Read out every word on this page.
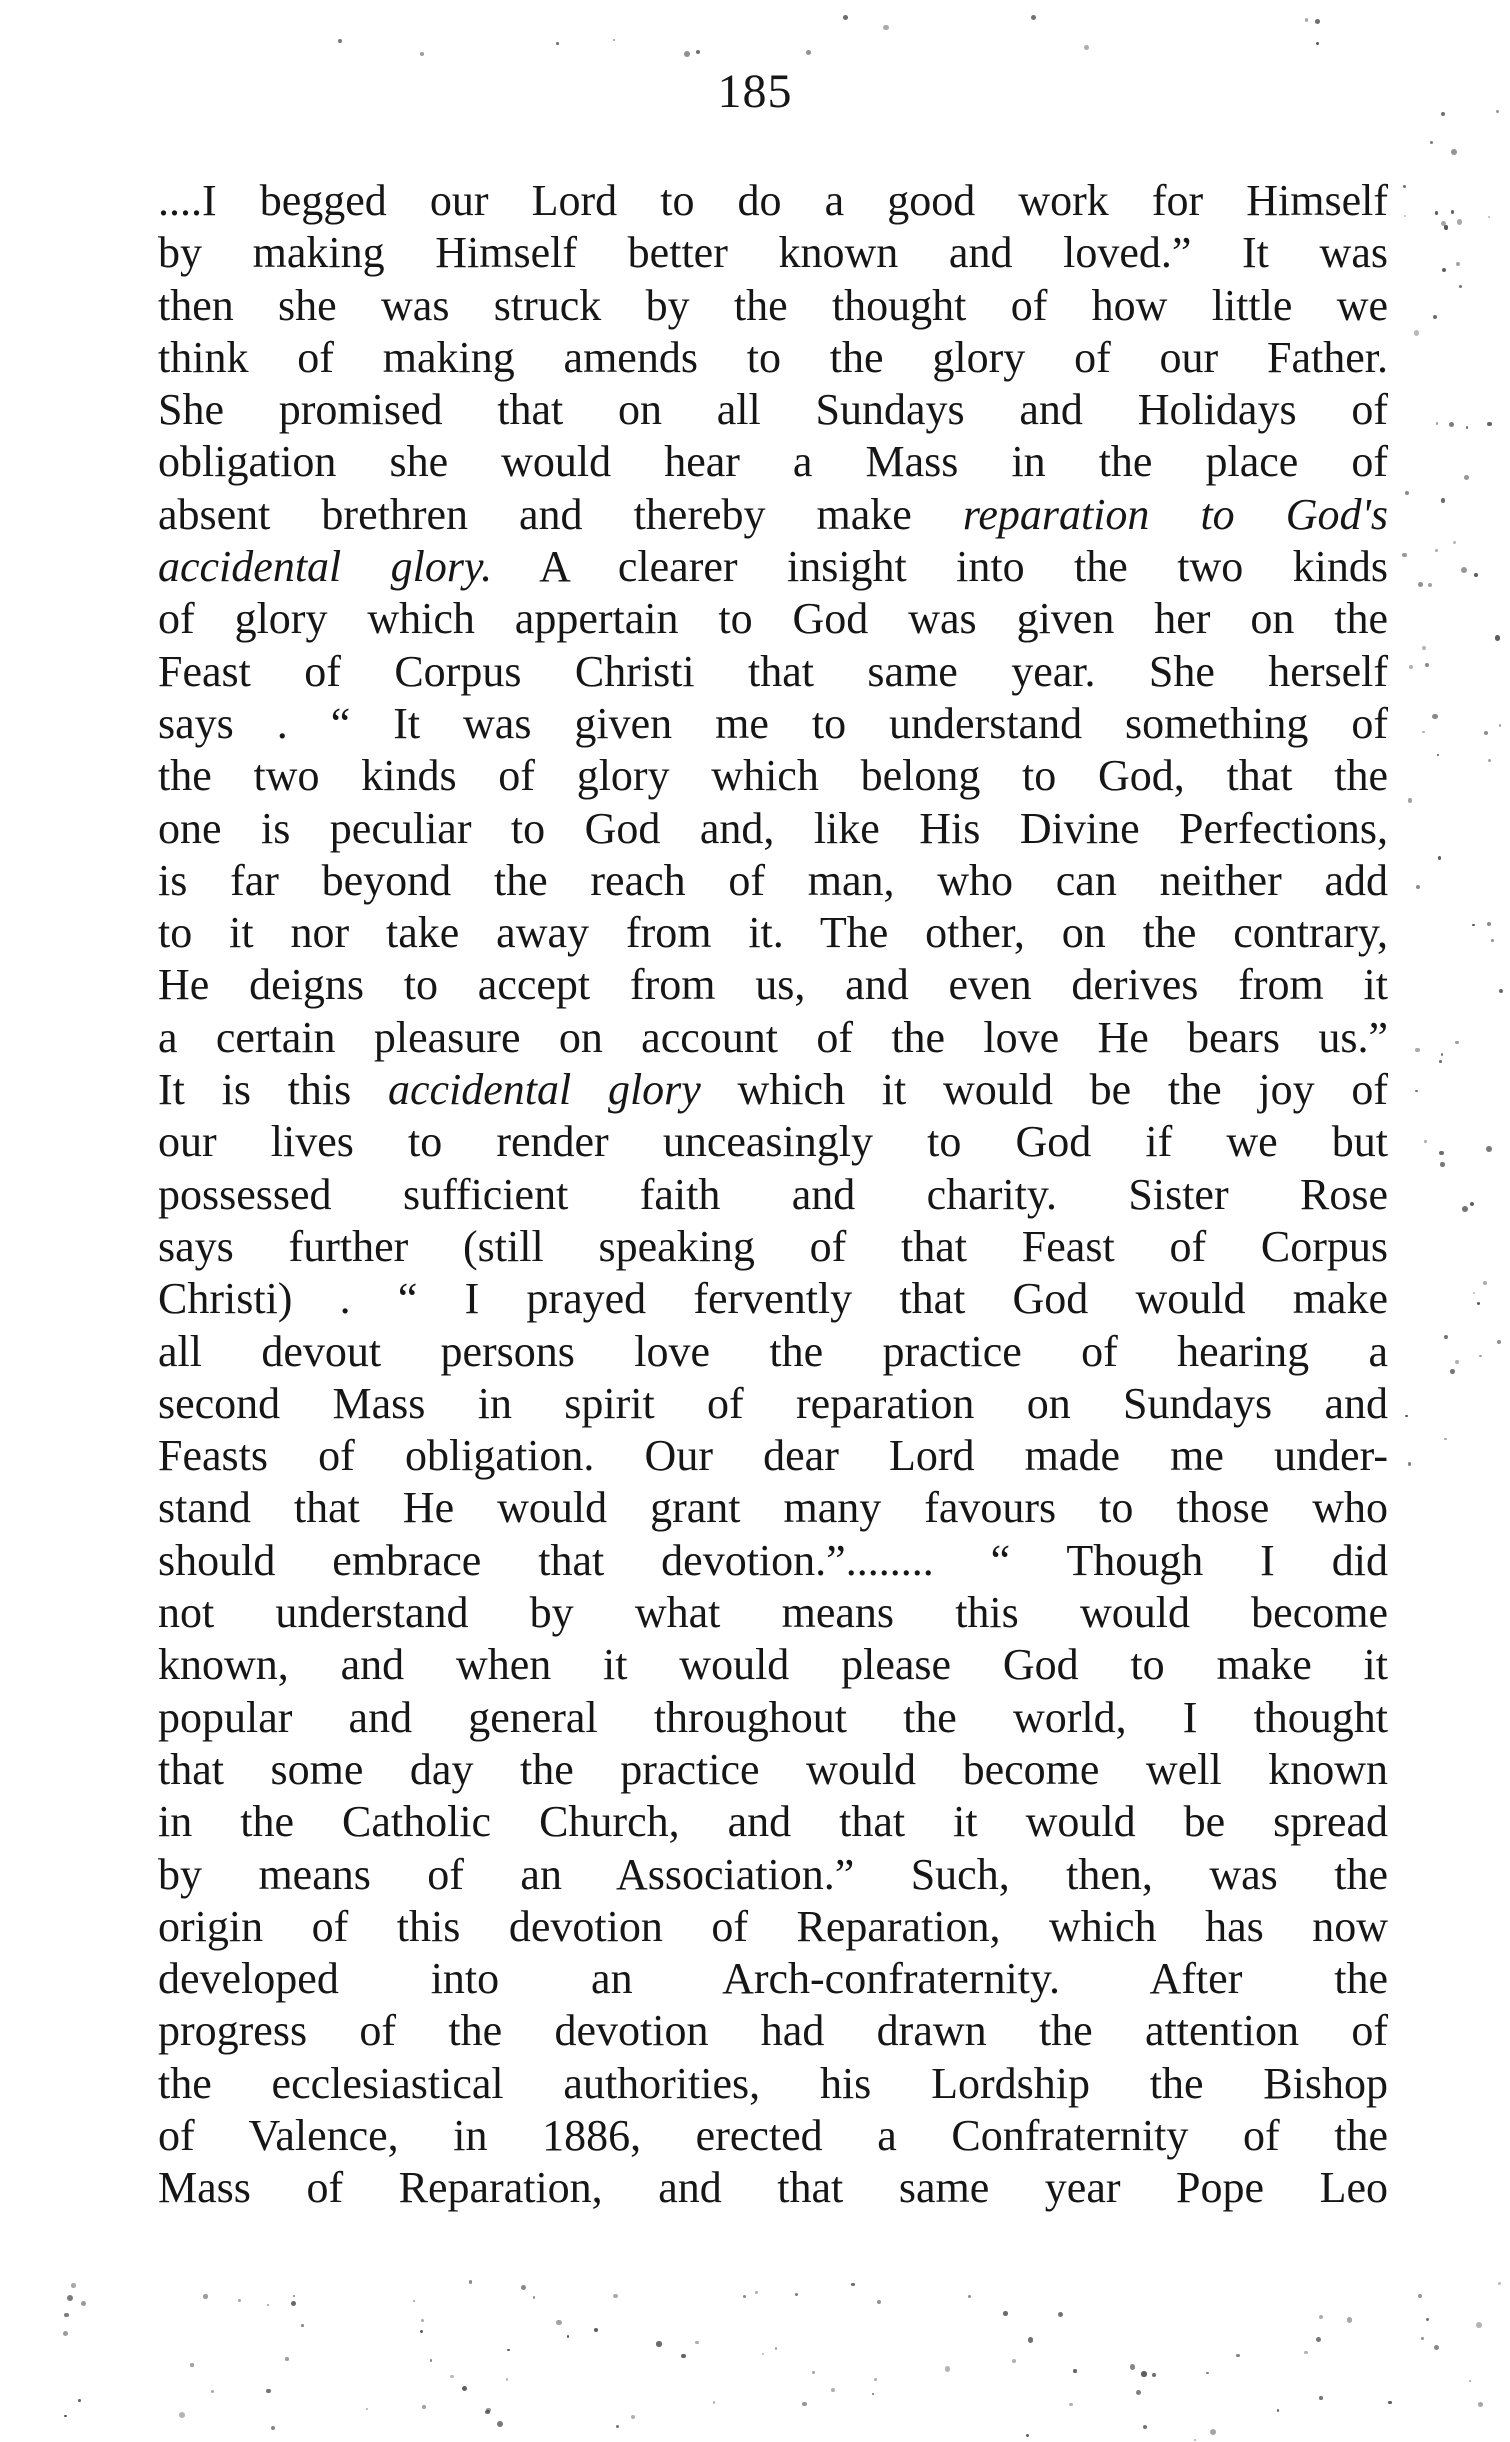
185
....I begged our Lord to do a good work for Himself
by making Himself better known and loved.” It was
then she was struck by the thought of how little we
think of making amends to the glory of our Father.
She promised that on all Sundays and Holidays of
obligation she would hear a Mass in the place of
absent brethren and thereby make reparation to God's
accidental glory. A clearer insight into the two kinds
of glory which appertain to God was given her on the
Feast of Corpus Christi that same year. She herself
says . “ It was given me to understand something of
the two kinds of glory which belong to God, that the
one is peculiar to God and, like His Divine Perfections,
is far beyond the reach of man, who can neither add
to it nor take away from it. The other, on the contrary,
He deigns to accept from us, and even derives from it
a certain pleasure on account of the love He bears us.”
It is this accidental glory which it would be the joy of
our lives to render unceasingly to God if we but
possessed sufficient faith and charity. Sister Rose
says further (still speaking of that Feast of Corpus
Christi) . “ I prayed fervently that God would make
all devout persons love the practice of hearing a
second Mass in spirit of reparation on Sundays and
Feasts of obligation. Our dear Lord made me under-
stand that He would grant many favours to those who
should embrace that devotion.”........ “ Though I did
not understand by what means this would become
known, and when it would please God to make it
popular and general throughout the world, I thought
that some day the practice would become well known
in the Catholic Church, and that it would be spread
by means of an Association.” Such, then, was the
origin of this devotion of Reparation, which has now
developed into an Arch-confraternity. After the
progress of the devotion had drawn the attention of
the ecclesiastical authorities, his Lordship the Bishop
of Valence, in 1886, erected a Confraternity of the
Mass of Reparation, and that same year Pope Leo
